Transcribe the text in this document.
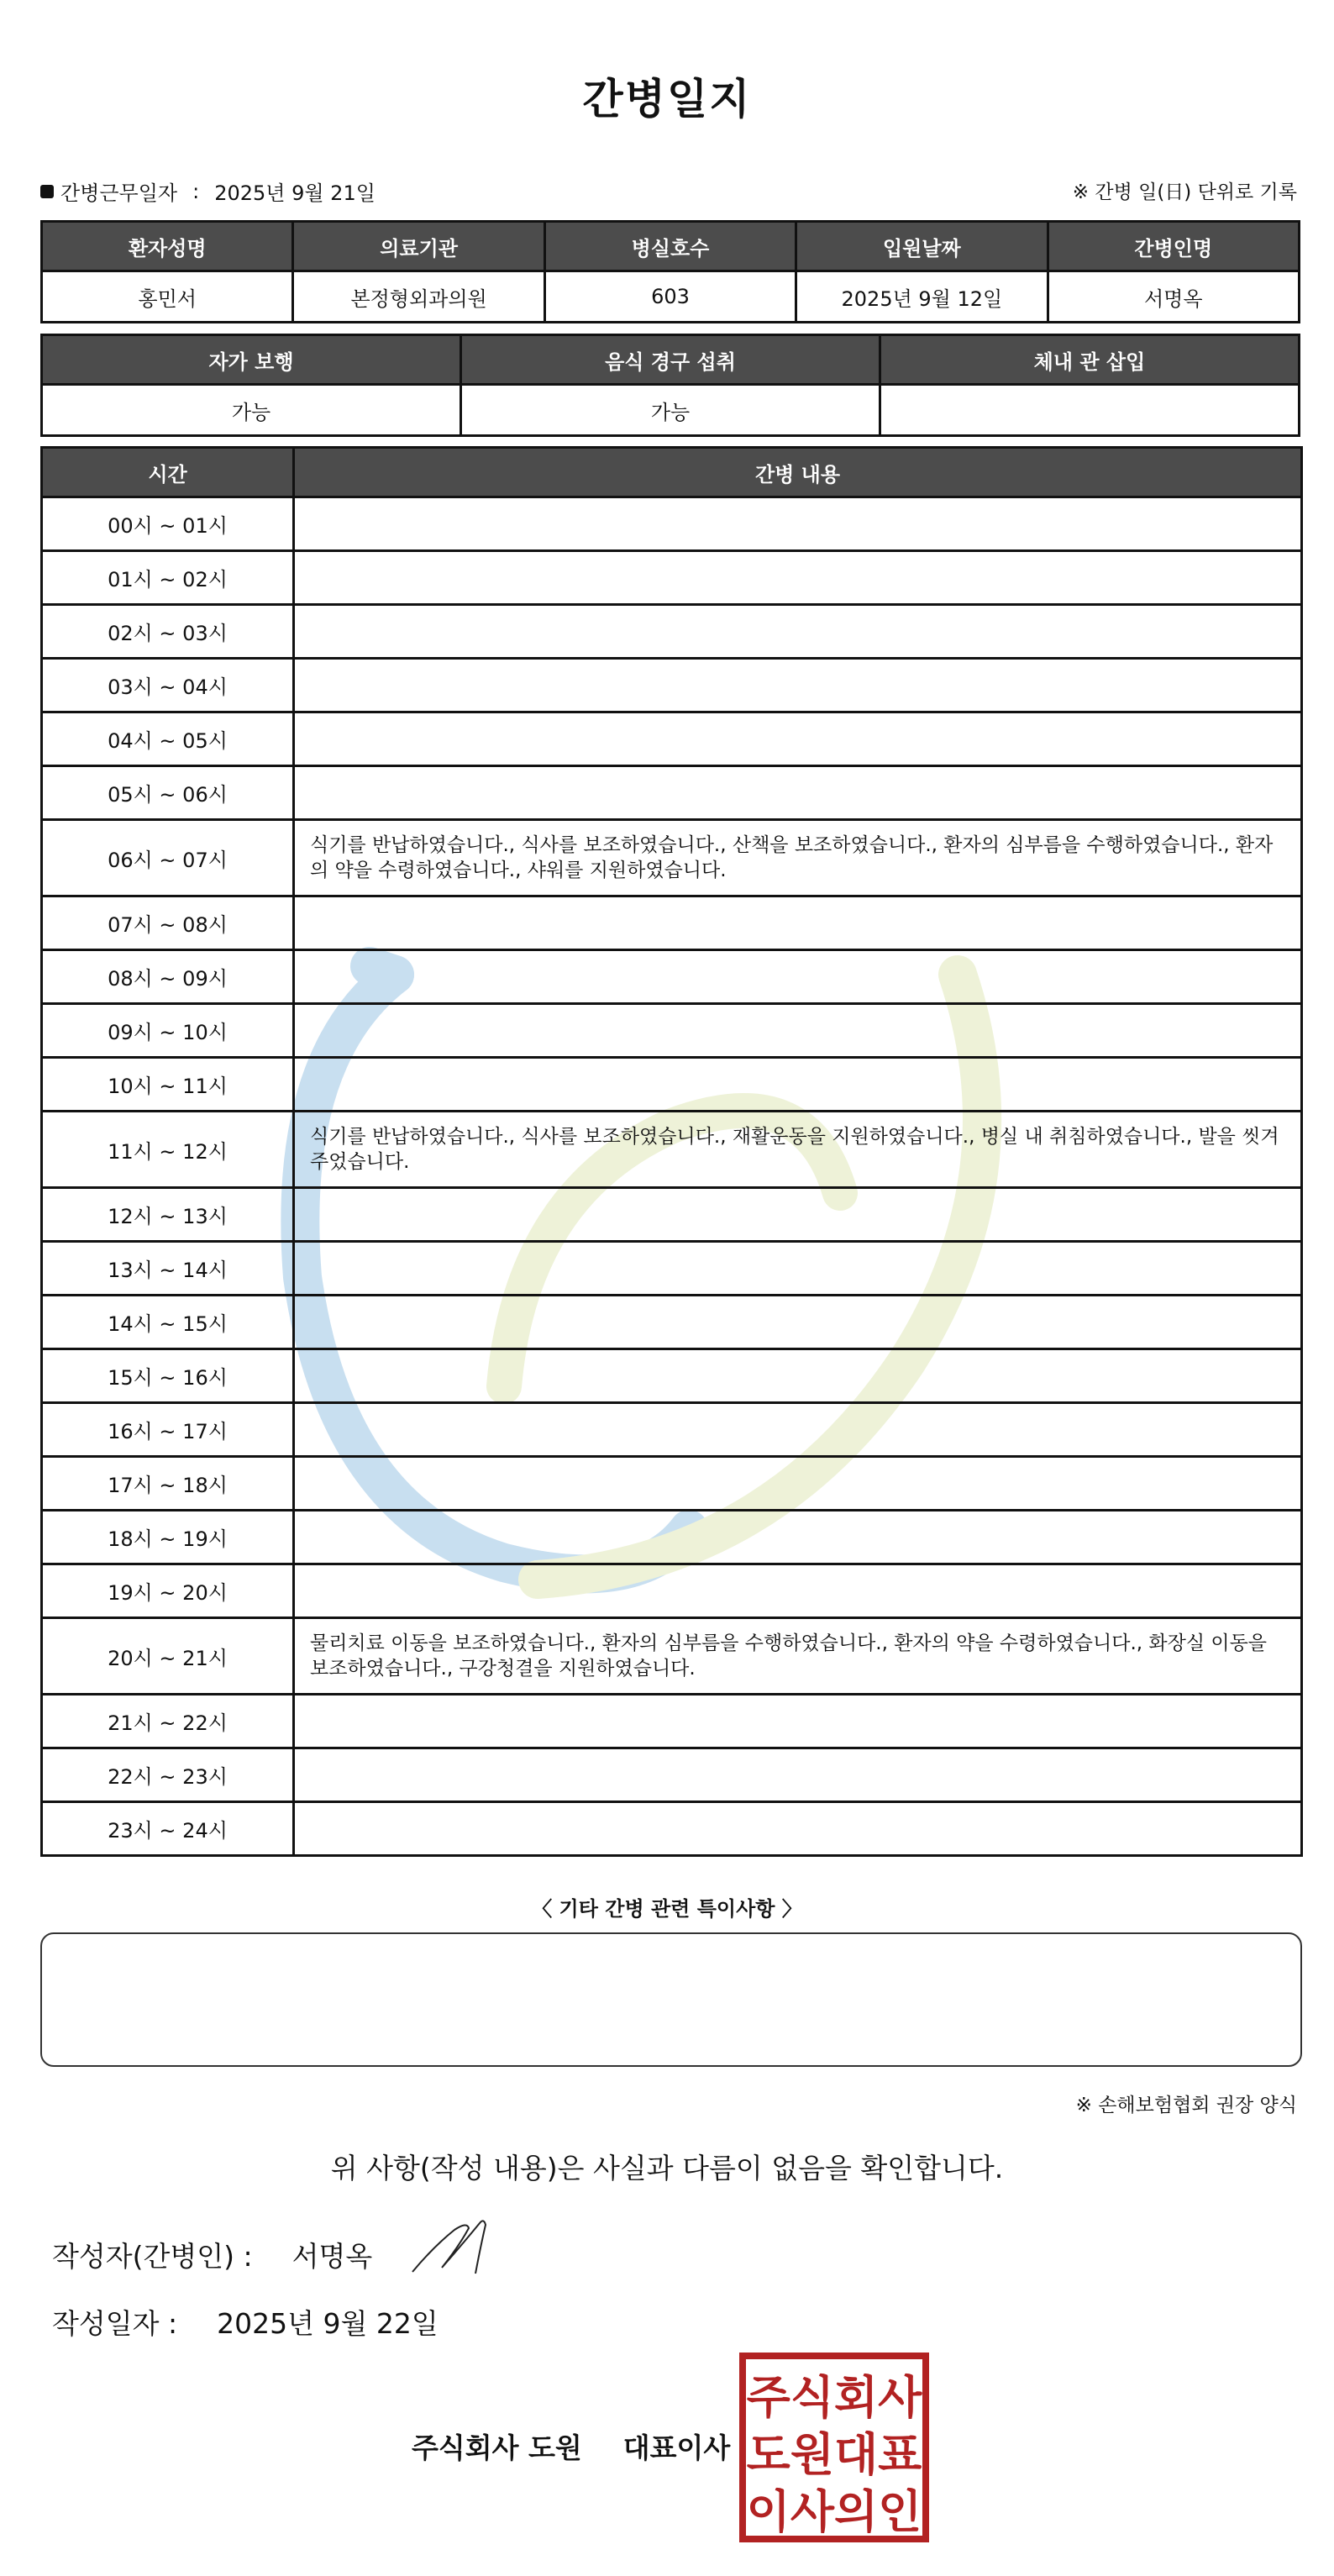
간병일지
간병근무일자 : 2025년 9월 21일	※ 간병 일(日) 단위로 기록
환자성명	의료기관	병실호수	입원날짜	간병인명
홍민서	본정형외과의원	603	2025년 9월 12일	서명옥
자가 보행	음식 경구 섭취	체내 관 삽입
가능	가능	
시간	간병 내용
00시 ~ 01시	
01시 ~ 02시	
02시 ~ 03시	
03시 ~ 04시	
04시 ~ 05시	
05시 ~ 06시	
06시 ~ 07시	식기를 반납하였습니다., 식사를 보조하였습니다., 산책을 보조하였습니다., 환자의 심부름을 수행하였습니다., 환자의 약을 수령하였습니다., 샤워를 지원하였습니다.
07시 ~ 08시	
08시 ~ 09시	
09시 ~ 10시	
10시 ~ 11시	
11시 ~ 12시	식기를 반납하였습니다., 식사를 보조하였습니다., 재활운동을 지원하였습니다., 병실 내 취침하였습니다., 발을 씻겨주었습니다.
12시 ~ 13시	
13시 ~ 14시	
14시 ~ 15시	
15시 ~ 16시	
16시 ~ 17시	
17시 ~ 18시	
18시 ~ 19시	
19시 ~ 20시	
20시 ~ 21시	물리치료 이동을 보조하였습니다., 환자의 심부름을 수행하였습니다., 환자의 약을 수령하였습니다., 화장실 이동을 보조하였습니다., 구강청결을 지원하였습니다.
21시 ~ 22시	
22시 ~ 23시	
23시 ~ 24시	
〈 기타 간병 관련 특이사항 〉
※ 손해보험협회 권장 양식
위 사항(작성 내용)은 사실과 다름이 없음을 확인합니다.
작성자(간병인) : 서명옥
작성일자 : 2025년 9월 22일
주식회사 도원 대표이사
주식회사
도원대표
이사의인
